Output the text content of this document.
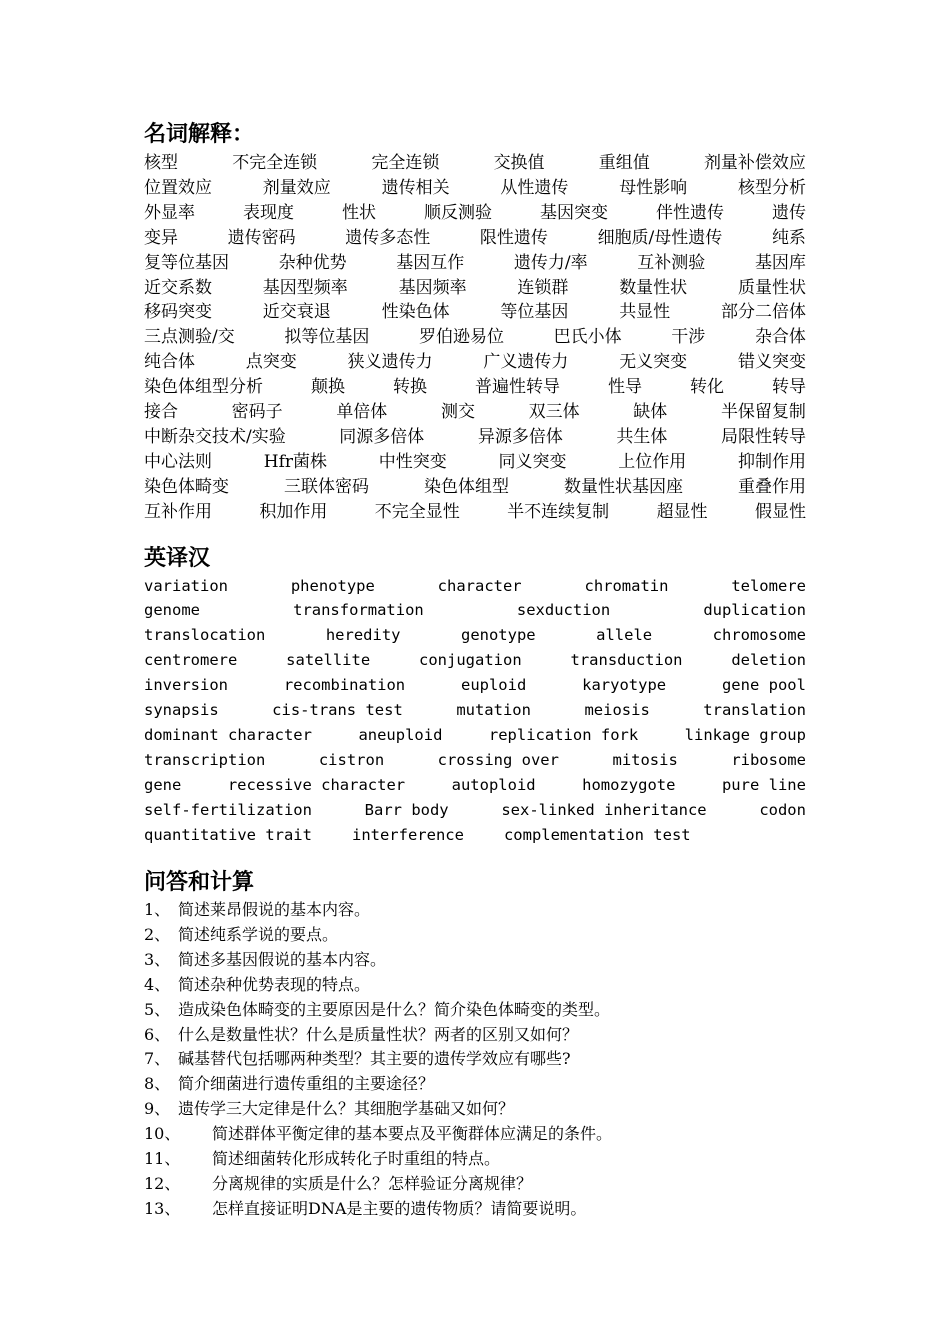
名词解释：
核型	不完全连锁	完全连锁	交换值	重组值	剂量补偿效应
位置效应	剂量效应	遗传相关	从性遗传	母性影响	核型分析
外显率	表现度	性状	顺反测验	基因突变	伴性遗传	遗传
变异	遗传密码	遗传多态性	限性遗传	细胞质/母性遗传	纯系
复等位基因	杂种优势	基因互作	遗传力/率	互补测验	基因库
近交系数	基因型频率	基因频率	连锁群	数量性状	质量性状
移码突变	近交衰退	性染色体	等位基因	共显性	部分二倍体
三点测验/交	拟等位基因	罗伯逊易位	巴氏小体	干涉	杂合体
纯合体	点突变	狭义遗传力	广义遗传力	无义突变	错义突变
染色体组型分析	颠换	转换	普遍性转导	性导	转化	转导
接合	密码子	单倍体	测交	双三体	缺体	半保留复制
中断杂交技术/实验	同源多倍体	异源多倍体	共生体	局限性转导
中心法则	Hfr菌株	中性突变	同义突变	上位作用	抑制作用
染色体畸变	三联体密码	染色体组型	数量性状基因座	重叠作用
互补作用	积加作用	不完全显性	半不连续复制	超显性	假显性
英译汉
variation	phenotype	character	chromatin	telomere
genome	transformation	sexduction	duplication
translocation	heredity	genotype	allele	chromosome
centromere	satellite	conjugation	transduction	deletion
inversion	recombination	euploid	karyotype	gene pool
synapsis	cis-trans test	mutation	meiosis	translation
dominant character	aneuploid	replication fork	linkage group
transcription	cistron	crossing over	mitosis	ribosome
gene	recessive character	autoploid	homozygote	pure line
self-fertilization	Barr body	sex-linked inheritance	codon
quantitative trait	interference	complementation test
问答和计算
1、 简述莱昂假说的基本内容。
2、 简述纯系学说的要点。
3、 简述多基因假说的基本内容。
4、 简述杂种优势表现的特点。
5、 造成染色体畸变的主要原因是什么？简介染色体畸变的类型。
6、 什么是数量性状？什么是质量性状？两者的区别又如何？
7、 碱基替代包括哪两种类型？其主要的遗传学效应有哪些?
8、 简介细菌进行遗传重组的主要途径？
9、 遗传学三大定律是什么？其细胞学基础又如何？
10、	简述群体平衡定律的基本要点及平衡群体应满足的条件。
11、	简述细菌转化形成转化子时重组的特点。
12、	分离规律的实质是什么？怎样验证分离规律？
13、	怎样直接证明DNA是主要的遗传物质？请简要说明。
